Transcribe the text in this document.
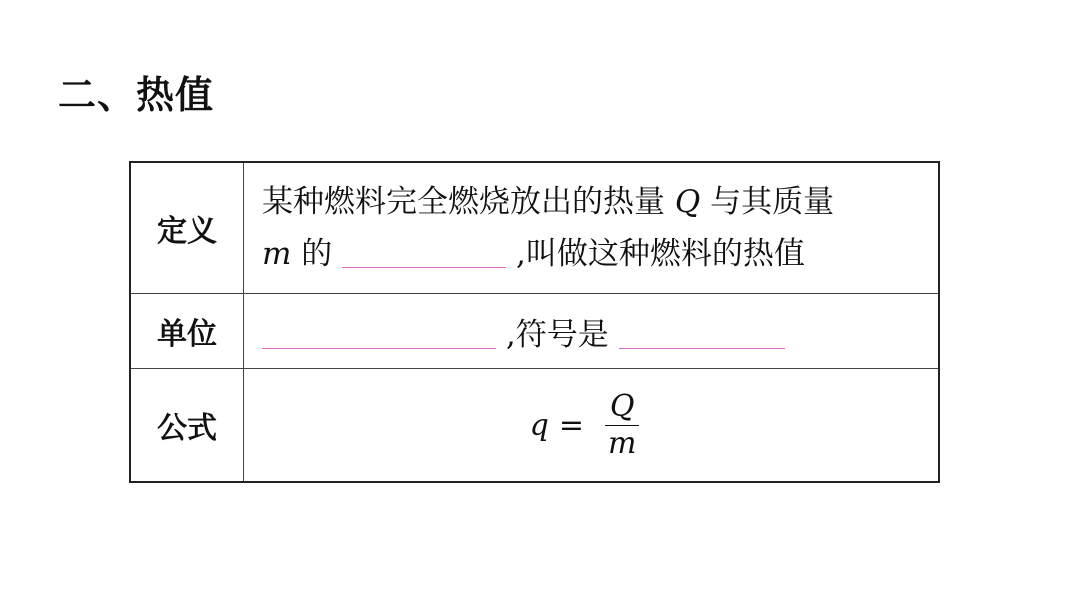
二、热值
定义	某种燃料完全燃烧放出的热量 Q 与其质量
m 的 ,叫做这种燃料的热值

单位	,符号是
公式	$q = \frac{Q}{m}$
